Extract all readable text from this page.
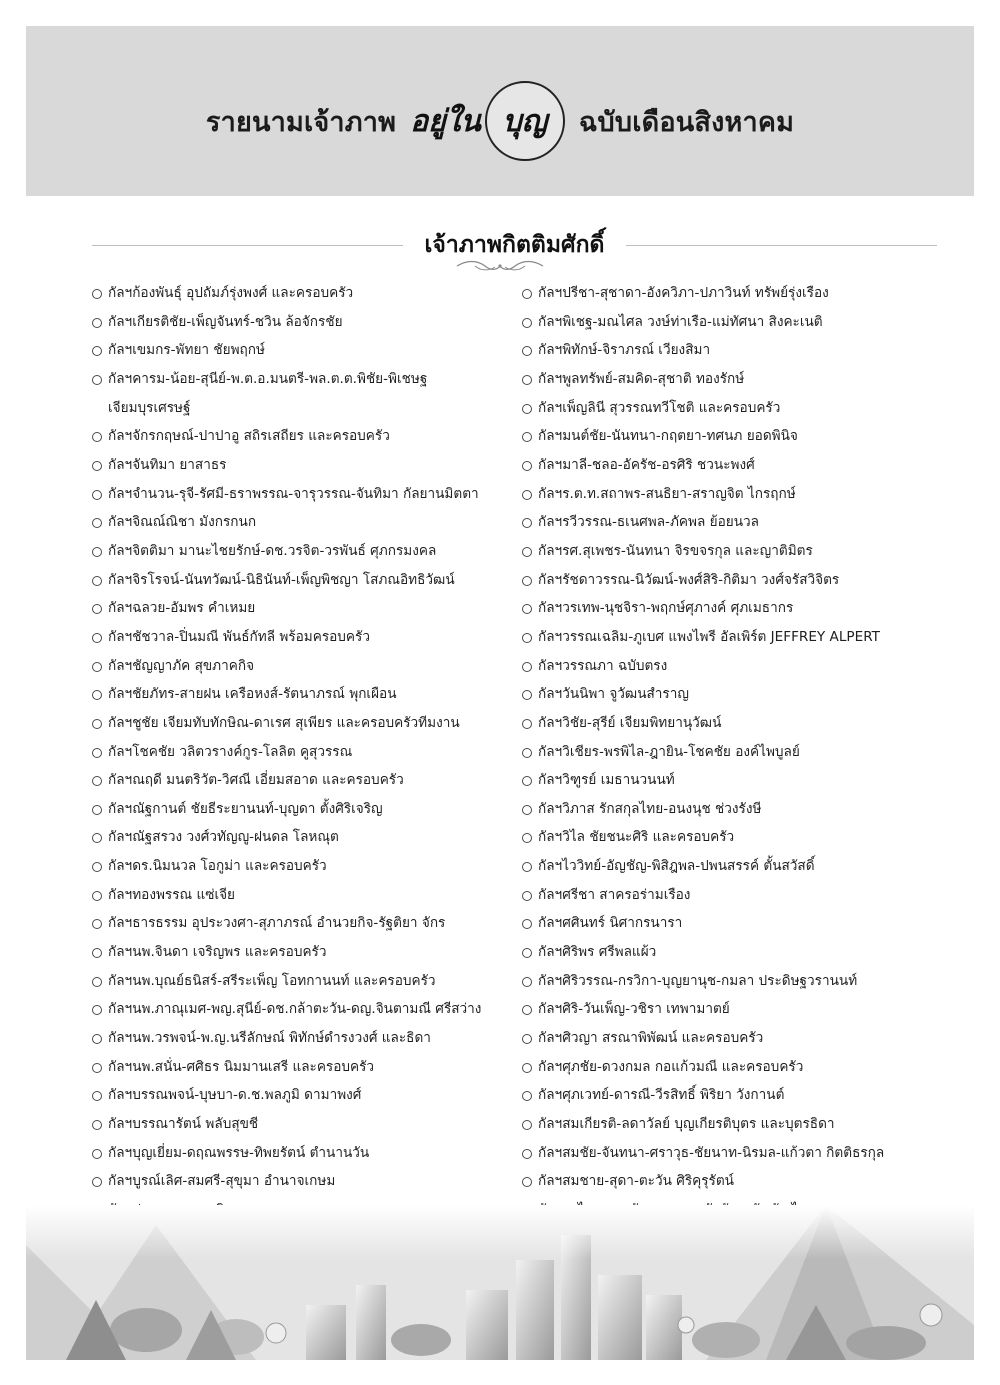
รายนามเจ้าภาพ อยู่ใน บุญ ฉบับเดือนสิงหาคม
เจ้าภาพกิตติมศักดิ์
กัลฯก้องพันธุ์ อุปถัมภ์รุ่งพงศ์ และครอบครัว
กัลฯเกียรติชัย-เพ็ญจันทร์-ชวิน ล้อจักรชัย
กัลฯเขมกร-พัทยา ชัยพฤกษ์
กัลฯคารม-น้อย-สุนีย์-พ.ต.อ.มนตรี-พล.ต.ต.พิชัย-พิเชษฐ
เจียมบุรเศรษฐ์
กัลฯจักรกฤษณ์-ปาปาอู สถิรเสถียร และครอบครัว
กัลฯจันทิมา ยาสาธร
กัลฯจำนวน-รุจี-รัศมี-ธราพรรณ-จารุวรรณ-จันทิมา กัลยานมิตตา
กัลฯจิณณ์ณิชา มังกรกนก
กัลฯจิตติมา มานะไชยรักษ์-ดช.วรจิต-วรพันธ์ ศุภกรมงคล
กัลฯจิรโรจน์-นันทวัฒน์-นิธินันท์-เพ็ญพิชญา โสภณอิทธิวัฒน์
กัลฯฉลวย-อัมพร คำเหมย
กัลฯชัชวาล-ปิ่นมณี พันธ์กัทลี พร้อมครอบครัว
กัลฯชัญญาภัค สุขภาคกิจ
กัลฯชัยภัทร-สายฝน เครือหงส์-รัตนาภรณ์ พุกเผือน
กัลฯชูชัย เจียมทับทักษิณ-ดาเรศ สุเพียร และครอบครัวทีมงาน
กัลฯโชคชัย วลิตวรางค์กูร-โลลิต คูสุวรรณ
กัลฯณฤดี มนตริวัต-วิศณี เอี่ยมสอาด และครอบครัว
กัลฯณัฐกานต์ ชัยธีระยานนท์-บุญดา ตั้งศิริเจริญ
กัลฯณัฐสรวง วงศ์วทัญญู-ฝนดล โลหณุต
กัลฯดร.นิมนวล โอกูม่า และครอบครัว
กัลฯทองพรรณ แซ่เจีย
กัลฯธารธรรม อุประวงศา-สุภาภรณ์ อำนวยกิจ-รัฐติยา จักร
กัลฯนพ.จินดา เจริญพร และครอบครัว
กัลฯนพ.บุณย์ธนิสร์-สรีระเพ็ญ โอทกานนท์ และครอบครัว
กัลฯนพ.ภาณุเมศ-พญ.สุนีย์-ดช.กล้าตะวัน-ดญ.จินตามณี ศรีสว่าง
กัลฯนพ.วรพจน์-พ.ญ.นรีลักษณ์ พิทักษ์ดำรงวงศ์ และธิดา
กัลฯนพ.สนั่น-ศศิธร นิมมานเสรี และครอบครัว
กัลฯบรรณพจน์-บุษบา-ด.ช.พลภูมิ ดามาพงศ์
กัลฯบรรณารัตน์ พลับสุขชี
กัลฯบุญเยี่ยม-ดฤณพรรษ-ทิพยรัตน์ ตำนานวัน
กัลฯบูรณ์เลิศ-สมศรี-สุขุมา อำนาจเกษม
กัลฯปรีชา-สุชาดา-อังควิภา-ปภาวินท์ ทรัพย์รุ่งเรือง
กัลฯพิเชฐ-มณไศล วงษ์ท่าเรือ-แม่ทัศนา สิงคะเนติ
กัลฯพิทักษ์-จิราภรณ์ เวียงสิมา
กัลฯพูลทรัพย์-สมคิด-สุชาติ ทองรักษ์
กัลฯเพ็ญลินี สุวรรณทวีโชติ และครอบครัว
กัลฯมนต์ชัย-นันทนา-กฤตยา-ทศนภ ยอดพินิจ
กัลฯมาลี-ชลอ-อัครัช-อรศิริ ชวนะพงศ์
กัลฯร.ต.ท.สถาพร-สนธิยา-สราญจิต ไกรฤกษ์
กัลฯรวีวรรณ-ธเนศพล-ภัคพล ย้อยนวล
กัลฯรศ.สุเพชร-นันทนา จิรขจรกุล และญาติมิตร
กัลฯรัชดาวรรณ-นิวัฒน์-พงศ์สิริ-กิติมา วงศ์จรัสวิจิตร
กัลฯวรเทพ-นุชจิรา-พฤกษ์ศุภางค์ ศุภเมธากร
กัลฯวรรณเฉลิม-ภูเบศ แพงไพรี อัลเพิร์ต JEFFREY ALPERT
กัลฯวรรณภา ฉบับตรง
กัลฯวันนิพา จูวัฒนสำราญ
กัลฯวิชัย-สุรีย์ เจียมพิทยานุวัฒน์
กัลฯวิเชียร-พรพิไล-ฎายิน-โชคชัย องค์ไพบูลย์
กัลฯวิฑูรย์ เมธานวนนท์
กัลฯวิภาส รักสกุลไทย-อนงนุช ช่วงรังษี
กัลฯวิไล ชัยชนะศิริ และครอบครัว
กัลฯไววิทย์-อัญชัญ-พิสิฎพล-ปพนสรรค์ ตั้นสวัสดิ์
กัลฯศรีชา สาครอร่ามเรือง
กัลฯศศินทร์ นิศากรนารา
กัลฯศิริพร ศรีพลแผ้ว
กัลฯศิริวรรณ-กรวิกา-บุญยานุช-กมลา ประดิษฐวรานนท์
กัลฯศิริ-วันเพ็ญ-วชิรา เทพามาตย์
กัลฯศิวญา สรณาพิพัฒน์ และครอบครัว
กัลฯศุภชัย-ดวงกมล กอแก้วมณี และครอบครัว
กัลฯศุภเวทย์-ดารณี-วีรสิทธิ์ พิริยา วังกานต์
กัลฯสมเกียรติ-ลดาวัลย์ บุญเกียรติบุตร และบุตรธิดา
กัลฯสมชัย-จันทนา-ศราวุธ-ชัยนาท-นิรมล-แก้วตา กิตติธรกุล
กัลฯสมชาย-สุดา-ตะวัน ศิริคุรุรัตน์
